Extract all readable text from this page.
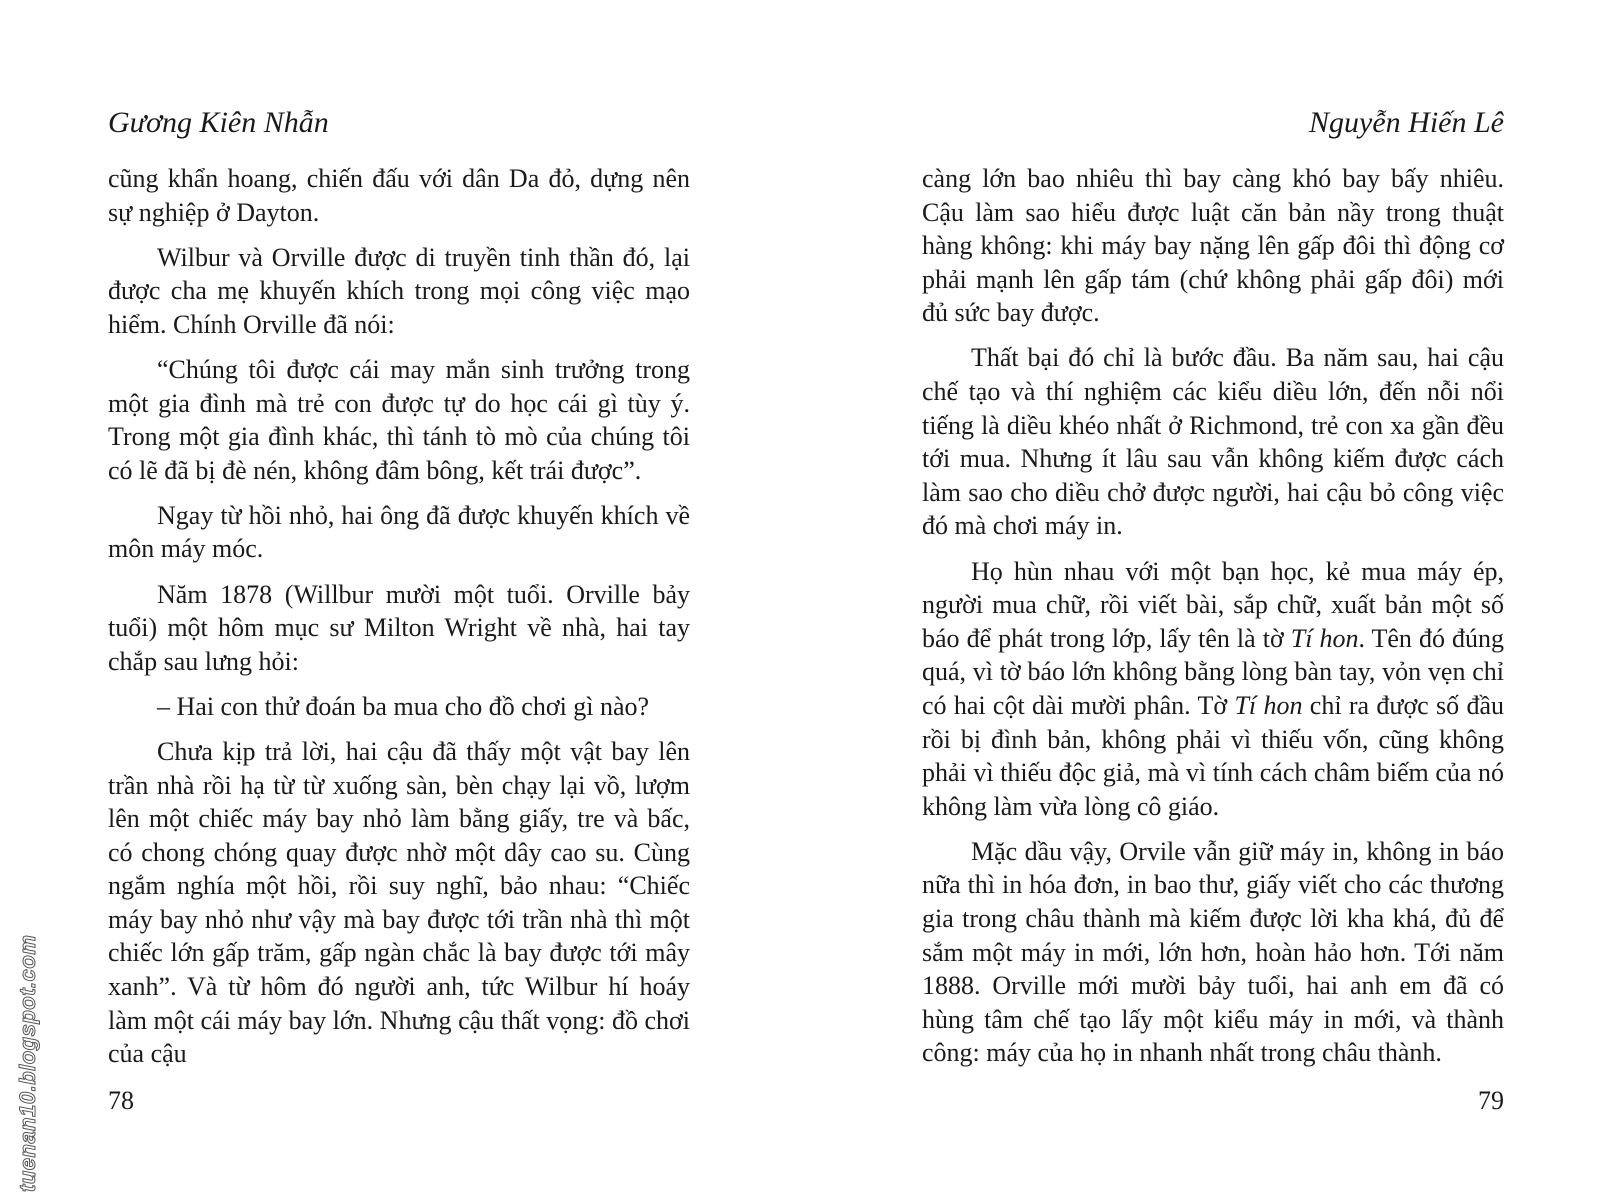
Gương Kiên Nhẫn

cũng khẩn hoang, chiến đấu với dân Da đỏ, dựng nên sự nghiệp ở Dayton.

Wilbur và Orville được di truyền tinh thần đó, lại được cha mẹ khuyến khích trong mọi công việc mạo hiểm. Chính Orville đã nói:

“Chúng tôi được cái may mắn sinh trưởng trong một gia đình mà trẻ con được tự do học cái gì tùy ý. Trong một gia đình khác, thì tánh tò mò của chúng tôi có lẽ đã bị đè nén, không đâm bông, kết trái được”.

Ngay từ hồi nhỏ, hai ông đã được khuyến khích về môn máy móc.

Năm 1878 (Willbur mười một tuổi. Orville bảy tuổi) một hôm mục sư Milton Wright về nhà, hai tay chắp sau lưng hỏi:

– Hai con thử đoán ba mua cho đồ chơi gì nào?

Chưa kịp trả lời, hai cậu đã thấy một vật bay lên trần nhà rồi hạ từ từ xuống sàn, bèn chạy lại vồ, lượm lên một chiếc máy bay nhỏ làm bằng giấy, tre và bấc, có chong chóng quay được nhờ một dây cao su. Cùng ngắm nghía một hồi, rồi suy nghĩ, bảo nhau: “Chiếc máy bay nhỏ như vậy mà bay được tới trần nhà thì một chiếc lớn gấp trăm, gấp ngàn chắc là bay được tới mây xanh”. Và từ hôm đó người anh, tức Wilbur hí hoáy làm một cái máy bay lớn. Nhưng cậu thất vọng: đồ chơi của cậu

78
Nguyễn Hiến Lê

càng lớn bao nhiêu thì bay càng khó bay bấy nhiêu. Cậu làm sao hiểu được luật căn bản nầy trong thuật hàng không: khi máy bay nặng lên gấp đôi thì động cơ phải mạnh lên gấp tám (chứ không phải gấp đôi) mới đủ sức bay được.

Thất bại đó chỉ là bước đầu. Ba năm sau, hai cậu chế tạo và thí nghiệm các kiểu diều lớn, đến nỗi nổi tiếng là diều khéo nhất ở Richmond, trẻ con xa gần đều tới mua. Nhưng ít lâu sau vẫn không kiếm được cách làm sao cho diều chở được người, hai cậu bỏ công việc đó mà chơi máy in.

Họ hùn nhau với một bạn học, kẻ mua máy ép, người mua chữ, rồi viết bài, sắp chữ, xuất bản một số báo để phát trong lớp, lấy tên là tờ Tí hon. Tên đó đúng quá, vì tờ báo lớn không bằng lòng bàn tay, vỏn vẹn chỉ có hai cột dài mười phân. Tờ Tí hon chỉ ra được số đầu rồi bị đình bản, không phải vì thiếu vốn, cũng không phải vì thiếu độc giả, mà vì tính cách châm biếm của nó không làm vừa lòng cô giáo.

Mặc dầu vậy, Orvile vẫn giữ máy in, không in báo nữa thì in hóa đơn, in bao thư, giấy viết cho các thương gia trong châu thành mà kiếm được lời kha khá, đủ để sắm một máy in mới, lớn hơn, hoàn hảo hơn. Tới năm 1888. Orville mới mười bảy tuổi, hai anh em đã có hùng tâm chế tạo lấy một kiểu máy in mới, và thành công: máy của họ in nhanh nhất trong châu thành.

79
tuenan10.blogspot.com
